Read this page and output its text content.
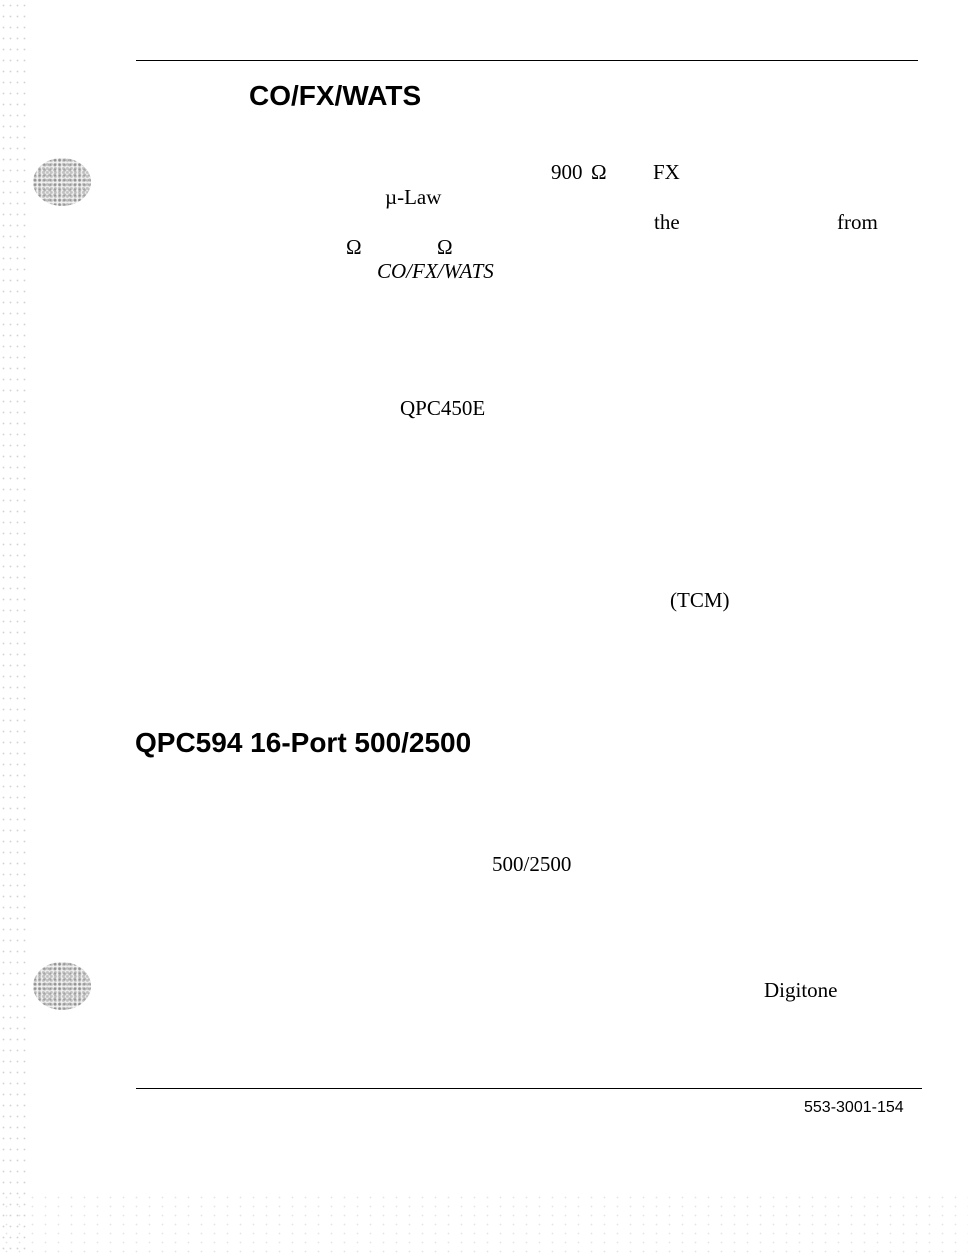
CO/FX/WATS
900 Ω FX
µ-Law
the	from
Ω	Ω
CO/FX/WATS
QPC450E
(TCM)
QPC594 16-Port 500/2500
500/2500
Digitone
553-3001-154
